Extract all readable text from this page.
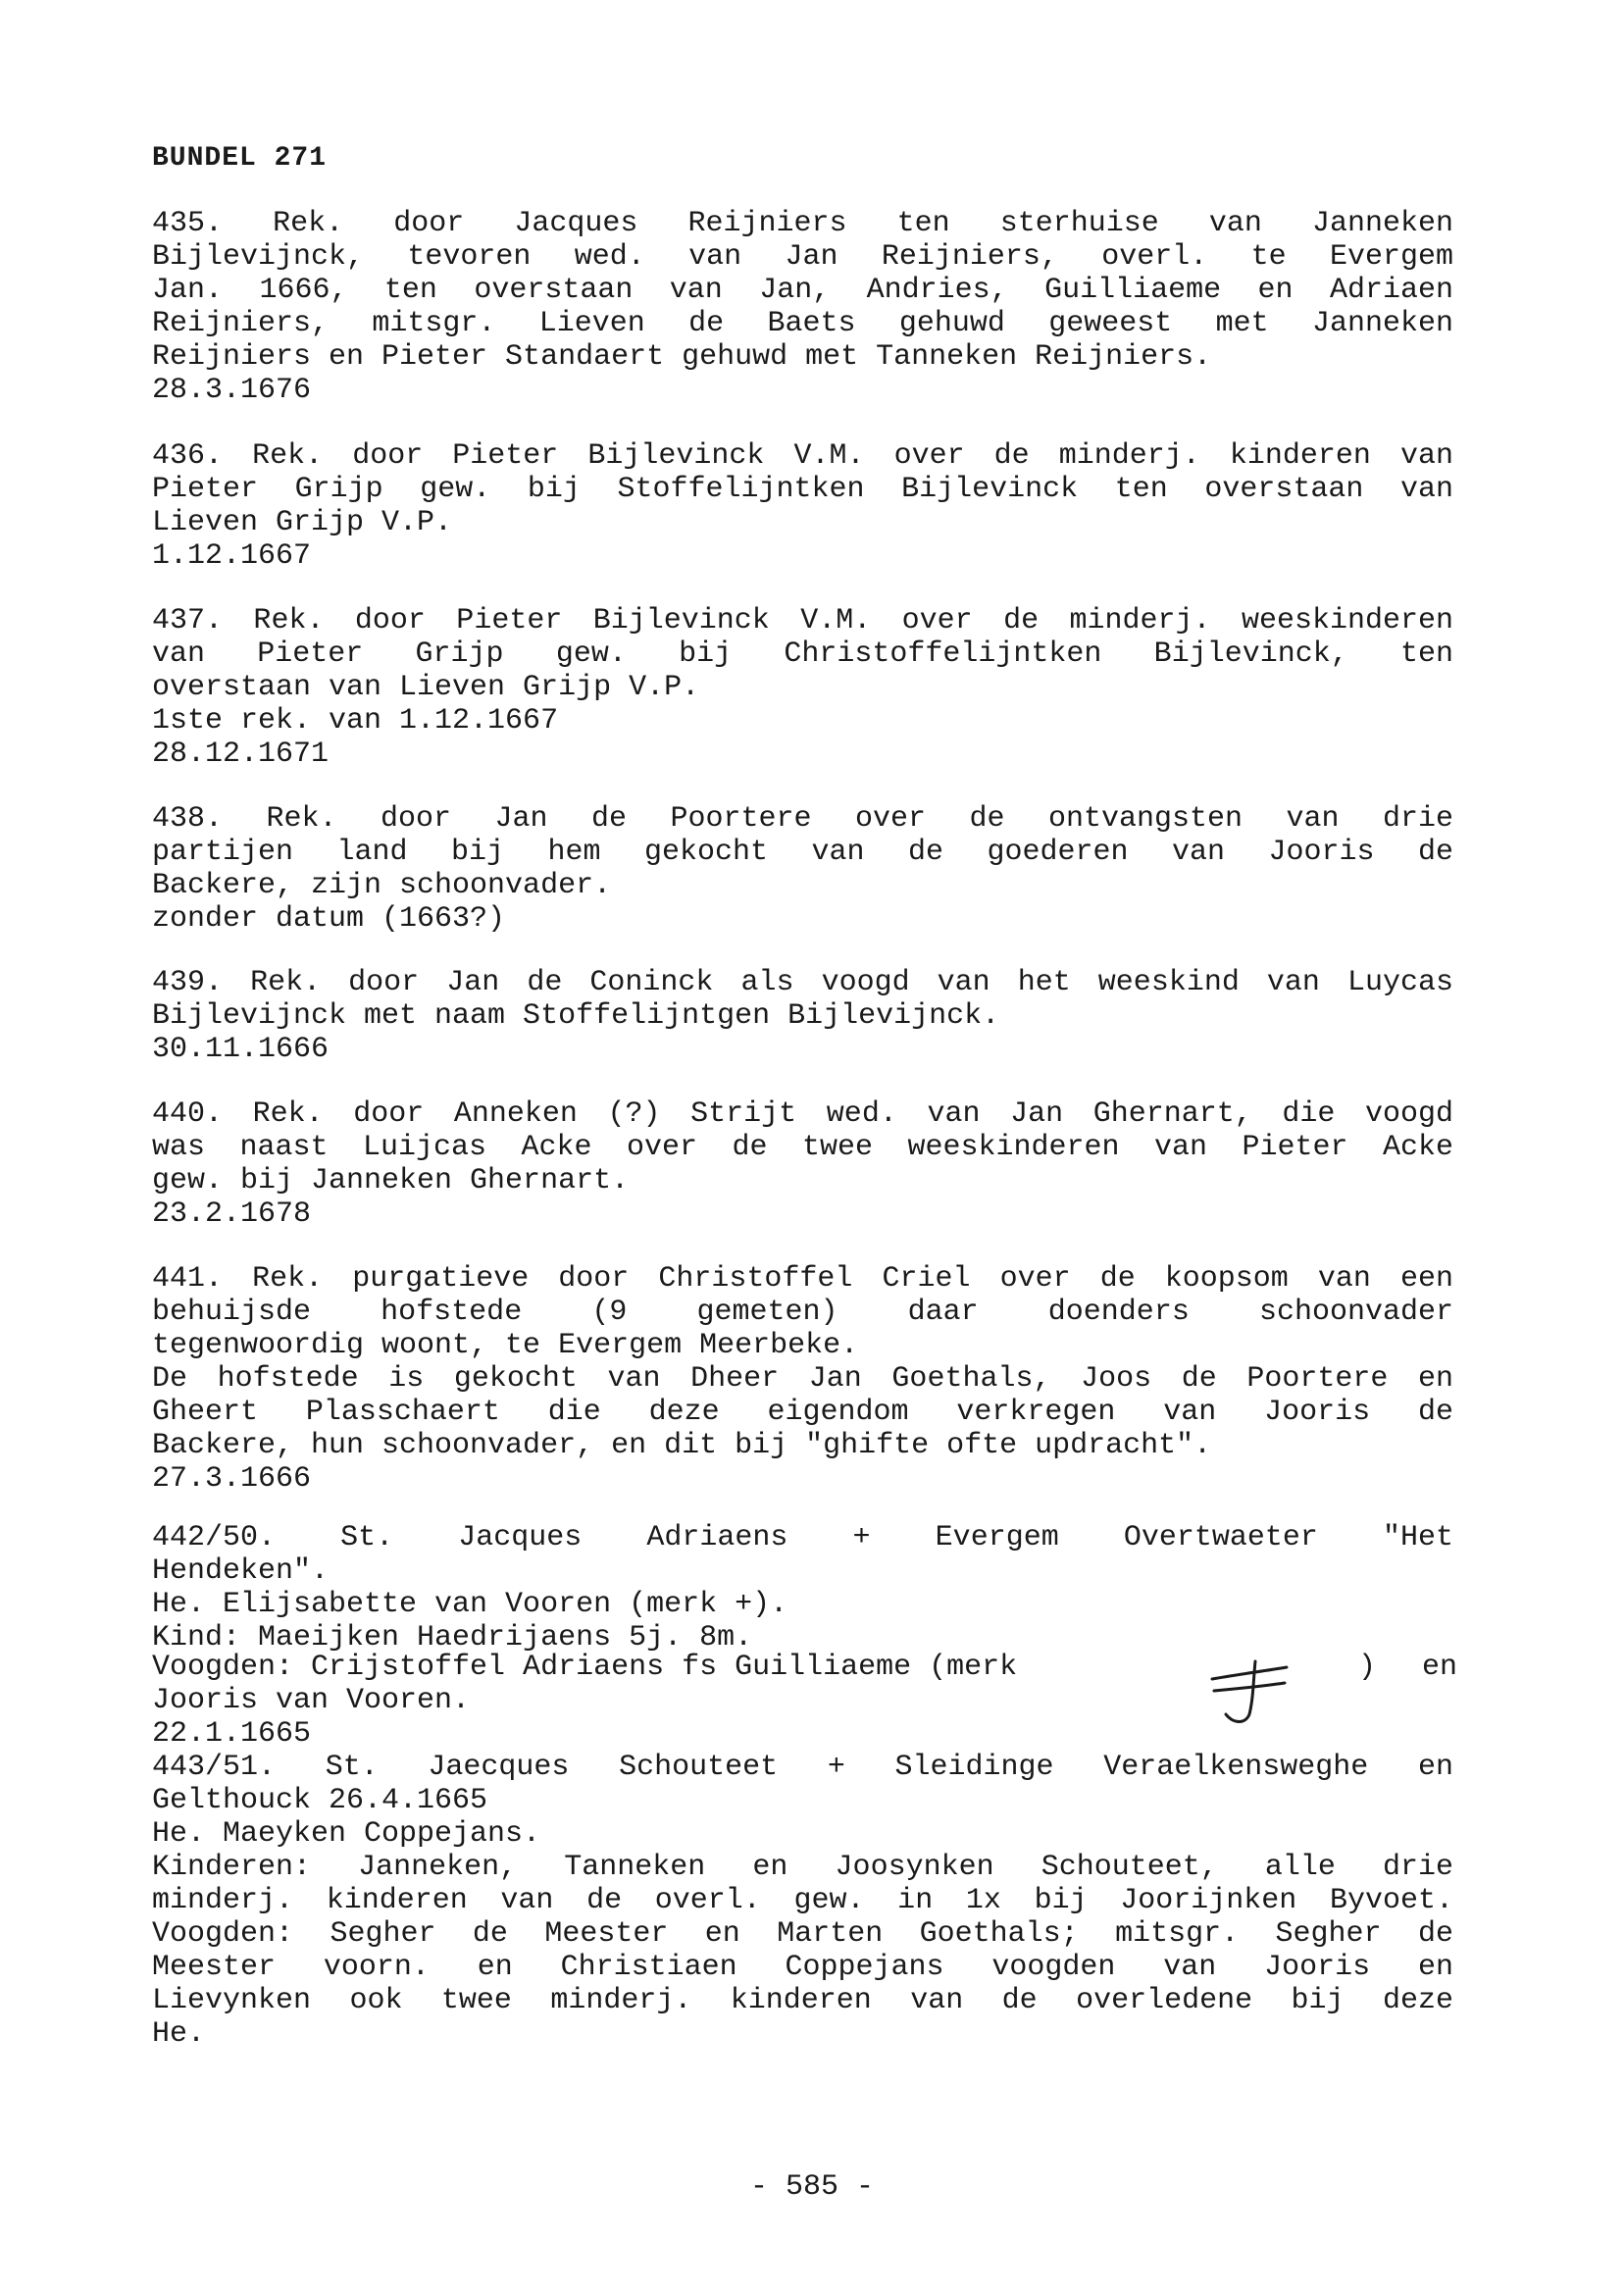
BUNDEL 271
435. Rek. door Jacques Reijniers ten sterhuise van Janneken
Bijlevijnck, tevoren wed. van Jan Reijniers, overl. te Evergem
Jan. 1666, ten overstaan van Jan, Andries, Guilliaeme en Adriaen
Reijniers, mitsgr. Lieven de Baets gehuwd geweest met Janneken
Reijniers en Pieter Standaert gehuwd met Tanneken Reijniers.
28.3.1676
436. Rek. door Pieter Bijlevinck V.M. over de minderj. kinderen van
Pieter Grijp gew. bij Stoffelijntken Bijlevinck ten overstaan van
Lieven Grijp V.P.
1.12.1667
437. Rek. door Pieter Bijlevinck V.M. over de minderj. weeskinderen
van Pieter Grijp gew. bij Christoffelijntken Bijlevinck, ten
overstaan van Lieven Grijp V.P.
1ste rek. van 1.12.1667
28.12.1671
438. Rek. door Jan de Poortere over de ontvangsten van drie
partijen land bij hem gekocht van de goederen van Jooris de
Backere, zijn schoonvader.
zonder datum (1663?)
439. Rek. door Jan de Coninck als voogd van het weeskind van Luycas
Bijlevijnck met naam Stoffelijntgen Bijlevijnck.
30.11.1666
440. Rek. door Anneken (?) Strijt wed. van Jan Ghernart, die voogd
was naast Luijcas Acke over de twee weeskinderen van Pieter Acke
gew. bij Janneken Ghernart.
23.2.1678
441. Rek. purgatieve door Christoffel Criel over de koopsom van een
behuijsde hofstede (9 gemeten) daar doenders schoonvader
tegenwoordig woont, te Evergem Meerbeke.
De hofstede is gekocht van Dheer Jan Goethals, Joos de Poortere en
Gheert Plasschaert die deze eigendom verkregen van Jooris de
Backere, hun schoonvader, en dit bij "ghifte ofte updracht".
27.3.1666
442/50. St. Jacques Adriaens + Evergem Overtwaeter "Het
Hendeken".
He. Elijsabette van Vooren (merk +).
Kind: Maeijken Haedrijaens 5j. 8m.
Voogden: Crijstoffel Adriaens fs Guilliaeme (merk	) en
Jooris van Vooren.
22.1.1665
443/51. St. Jaecques Schouteet + Sleidinge Veraelkensweghe en
Gelthouck 26.4.1665
He. Maeyken Coppejans.
Kinderen: Janneken, Tanneken en Joosynken Schouteet, alle drie
minderj. kinderen van de overl. gew. in 1x bij Joorijnken Byvoet.
Voogden: Segher de Meester en Marten Goethals; mitsgr. Segher de
Meester voorn. en Christiaen Coppejans voogden van Jooris en
Lievynken ook twee minderj. kinderen van de overledene bij deze
He.
- 585 -
